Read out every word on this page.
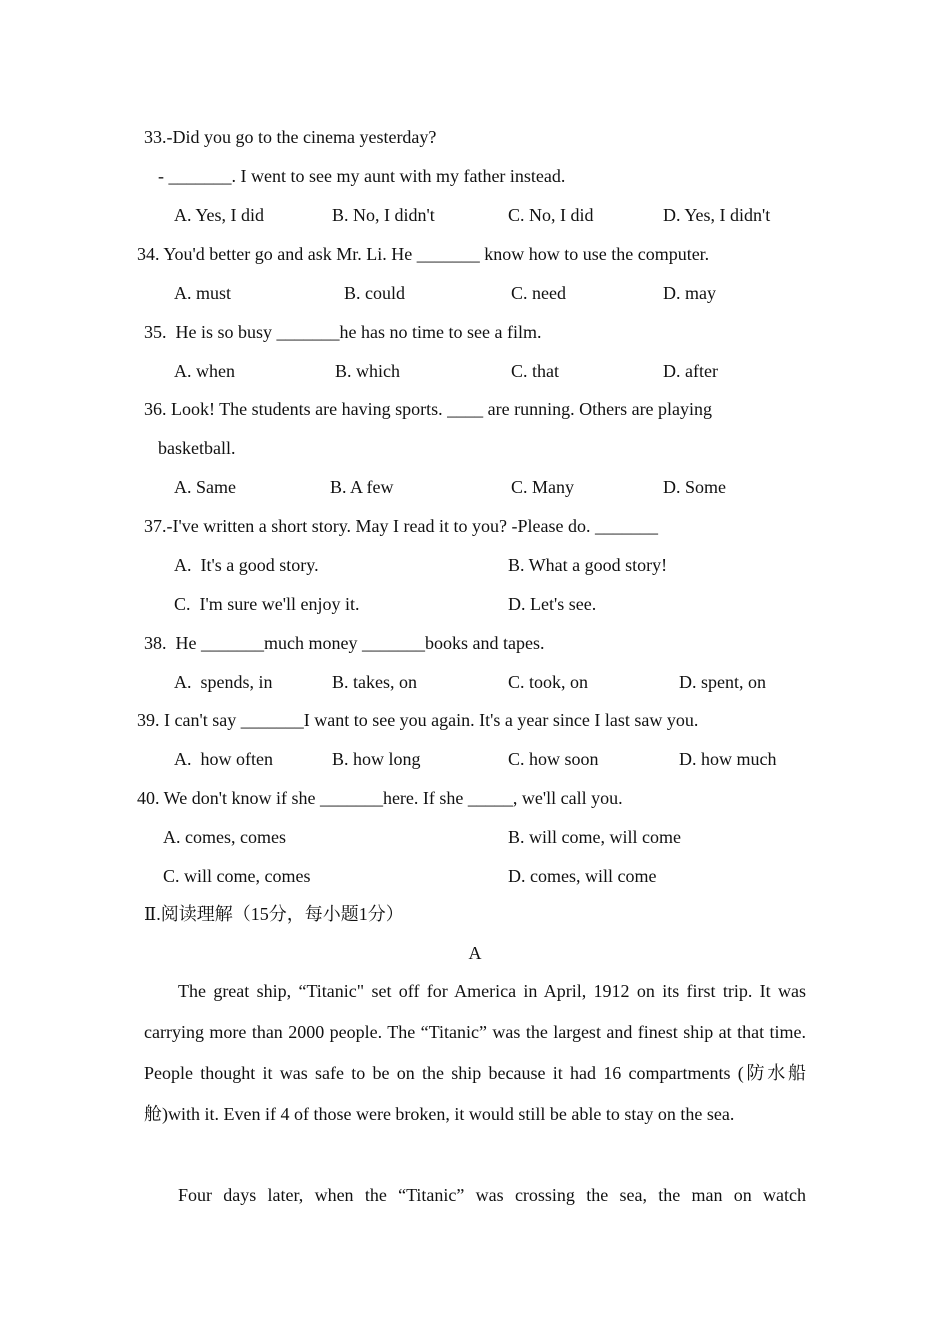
33.-Did you go to the cinema yesterday?
- _______. I went to see my aunt with my father instead.
A. Yes, I did	B. No, I didn't	C. No, I did	D. Yes, I didn't
34. You'd better go and ask Mr. Li. He _______ know how to use the computer.
A. must	B. could	C. need	D. may
35.  He is so busy _______he has no time to see a film.
A. when	B. which	C. that	D. after
36. Look! The students are having sports. ____ are running. Others are playing
basketball.
A. Same	B. A few	C. Many	D. Some
37.-I've written a short story. May I read it to you? -Please do. _______
A.  It's a good story.	B. What a good story!
C.  I'm sure we'll enjoy it.	D. Let's see.
38.  He _______much money _______books and tapes.
A.  spends, in	B. takes, on	C. took, on	D. spent, on
39. I can't say _______I want to see you again. It's a year since I last saw you.
A.  how often	B. how long	C. how soon	D. how much
40. We don't know if she _______here. If she _____, we'll call you.
A. comes, comes	B. will come, will come
C. will come, comes	D. comes, will come
Ⅱ.阅读理解（15分，每小题1分）
A

The great ship, “Titanic" set off for America in April, 1912 on its first trip. It was carrying more than 2000 people. The “Titanic” was the largest and finest ship at that time. People thought it was safe to be on the ship because it had 16 compartments (防水船舱)with it. Even if 4 of those were broken, it would still be able to stay on the sea.

Four days later, when the “Titanic” was crossing the sea, the man on watch
